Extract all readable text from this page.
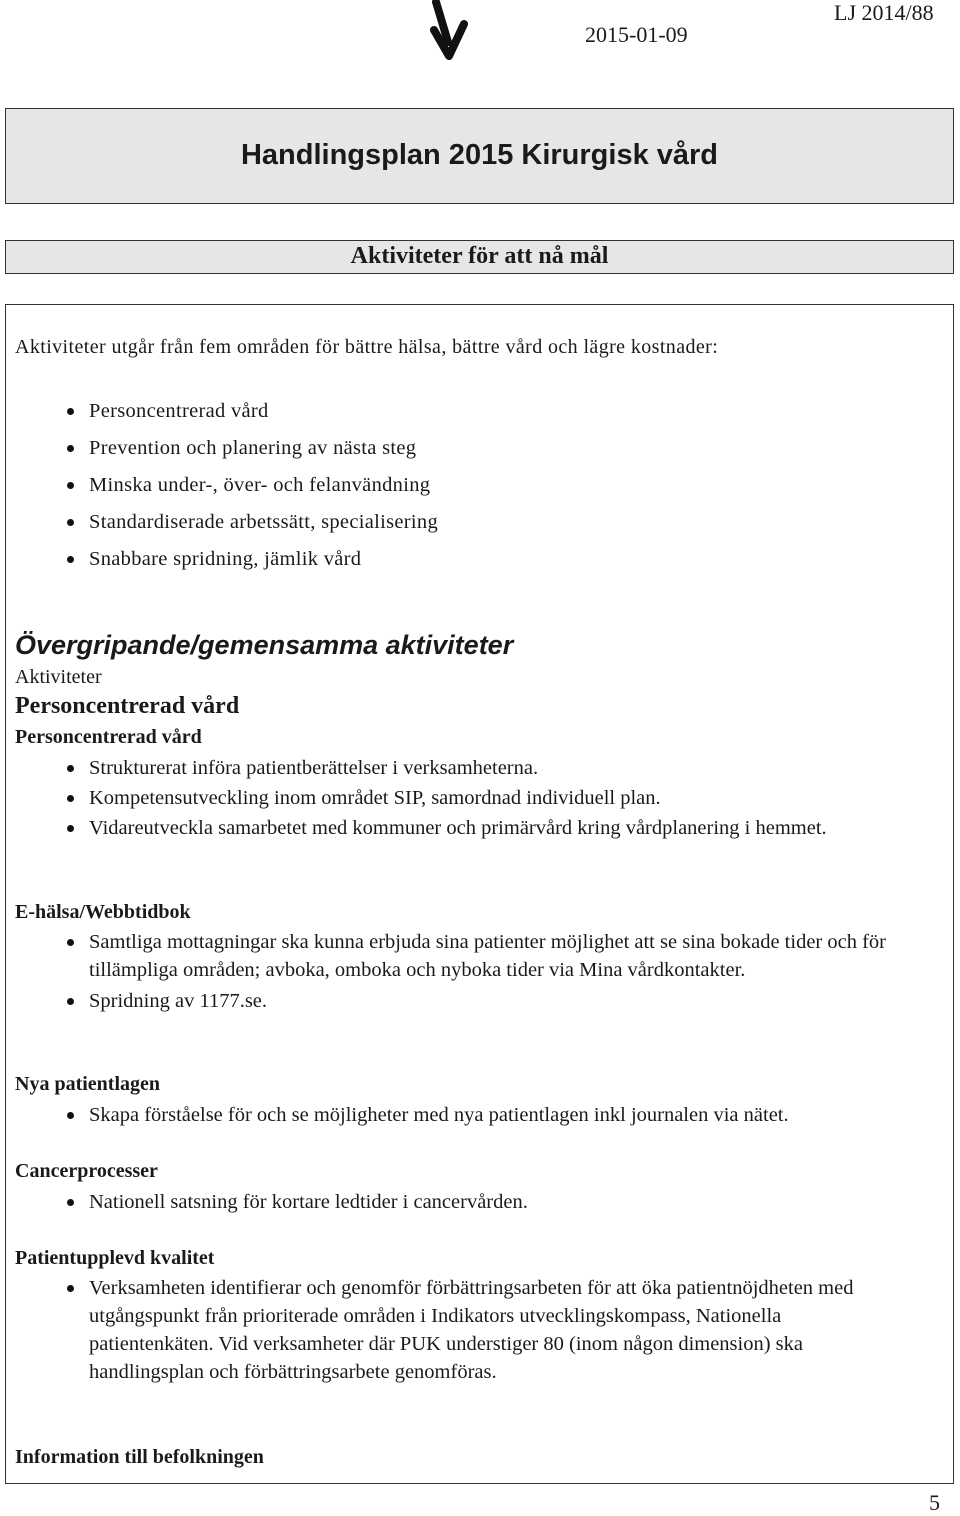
2015-01-09
LJ 2014/88
Handlingsplan 2015 Kirurgisk vård
Aktiviteter för att nå mål
Aktiviteter utgår från fem områden för bättre hälsa, bättre vård och lägre kostnader:
Personcentrerad vård
Prevention och planering av nästa steg
Minska under-, över- och felanvändning
Standardiserade arbetssätt, specialisering
Snabbare spridning, jämlik vård
Övergripande/gemensamma aktiviteter
Aktiviteter
Personcentrerad vård
Personcentrerad vård
Strukturerat införa patientberättelser i verksamheterna.
Kompetensutveckling inom området SIP, samordnad individuell plan.
Vidareutveckla samarbetet med kommuner och primärvård kring vårdplanering i hemmet.
E-hälsa/Webbtidbok
Samtliga mottagningar ska kunna erbjuda sina patienter möjlighet att se sina bokade tider och för tillämpliga områden; avboka, omboka och nyboka tider via Mina vårdkontakter.
Spridning av 1177.se.
Nya patientlagen
Skapa förståelse för och se möjligheter med nya patientlagen inkl journalen via nätet.
Cancerprocesser
Nationell satsning för kortare ledtider i cancervården.
Patientupplevd kvalitet
Verksamheten identifierar och genomför förbättringsarbeten för att öka patientnöjdheten med utgångspunkt från prioriterade områden i Indikators utvecklingskompass, Nationella patientenkäten. Vid verksamheter där PUK understiger 80 (inom någon dimension) ska handlingsplan och förbättringsarbete genomföras.
Information till befolkningen
5
